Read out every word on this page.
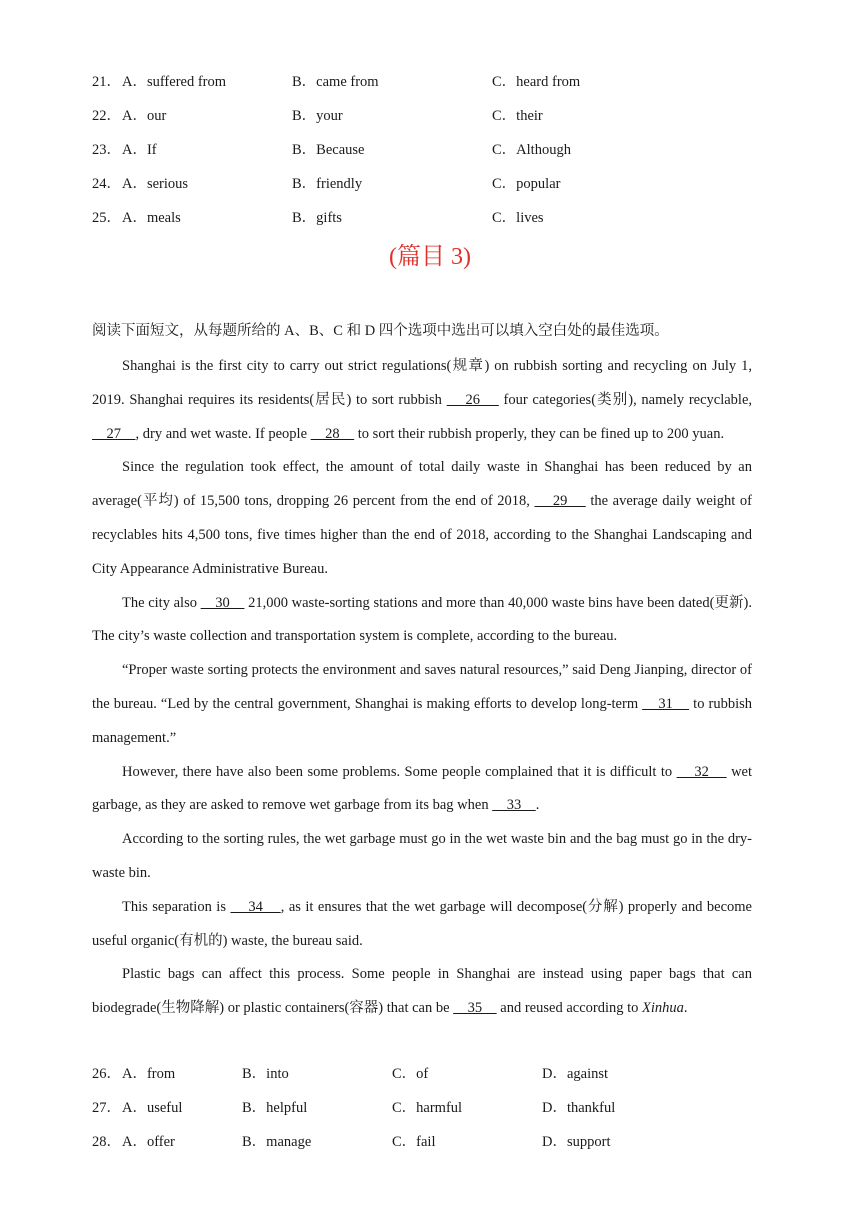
21． A．suffered from	B．came from	C．heard from
22． A．our	B．your	C．their
23． A．If	B．Because	C．Although
24． A．serious	B．friendly	C．popular
25． A．meals	B．gifts	C．lives
(篇目 3)
阅读下面短文，从每题所给的 A、B、C 和 D 四个选项中选出可以填入空白处的最佳选项。

Shanghai is the first city to carry out strict regulations(规章) on rubbish sorting and recycling on July 1, 2019. Shanghai requires its residents(居民) to sort rubbish     26     four categories(类别), namely recyclable,     27    , dry and wet waste. If people     28     to sort their rubbish properly, they can be fined up to 200 yuan.

Since the regulation took effect, the amount of total daily waste in Shanghai has been reduced by an average(平均) of 15,500 tons, dropping 26 percent from the end of 2018,     29     the average daily weight of recyclables hits 4,500 tons, five times higher than the end of 2018, according to the Shanghai Landscaping and City Appearance Administrative Bureau.

The city also     30     21,000 waste-sorting stations and more than 40,000 waste bins have been dated(更新). The city’s waste collection and transportation system is complete, according to the bureau.

“Proper waste sorting protects the environment and saves natural resources,” said Deng Jianping, director of the bureau. “Led by the central government, Shanghai is making efforts to develop long-term     31     to rubbish management.”

However, there have also been some problems. Some people complained that it is difficult to     32     wet garbage, as they are asked to remove wet garbage from its bag when     33    .

According to the sorting rules, the wet garbage must go in the wet waste bin and the bag must go in the dry-waste bin.

This separation is     34    , as it ensures that the wet garbage will decompose(分解) properly and become useful organic(有机的) waste, the bureau said.

Plastic bags can affect this process. Some people in Shanghai are instead using paper bags that can biodegrade(生物降解) or plastic containers(容器) that can be     35     and reused according to Xinhua.

26． A．from	B．into	C．of	D．against
27． A．useful	B．helpful	C．harmful	D．thankful
28． A．offer	B．manage	C．fail	D．support
